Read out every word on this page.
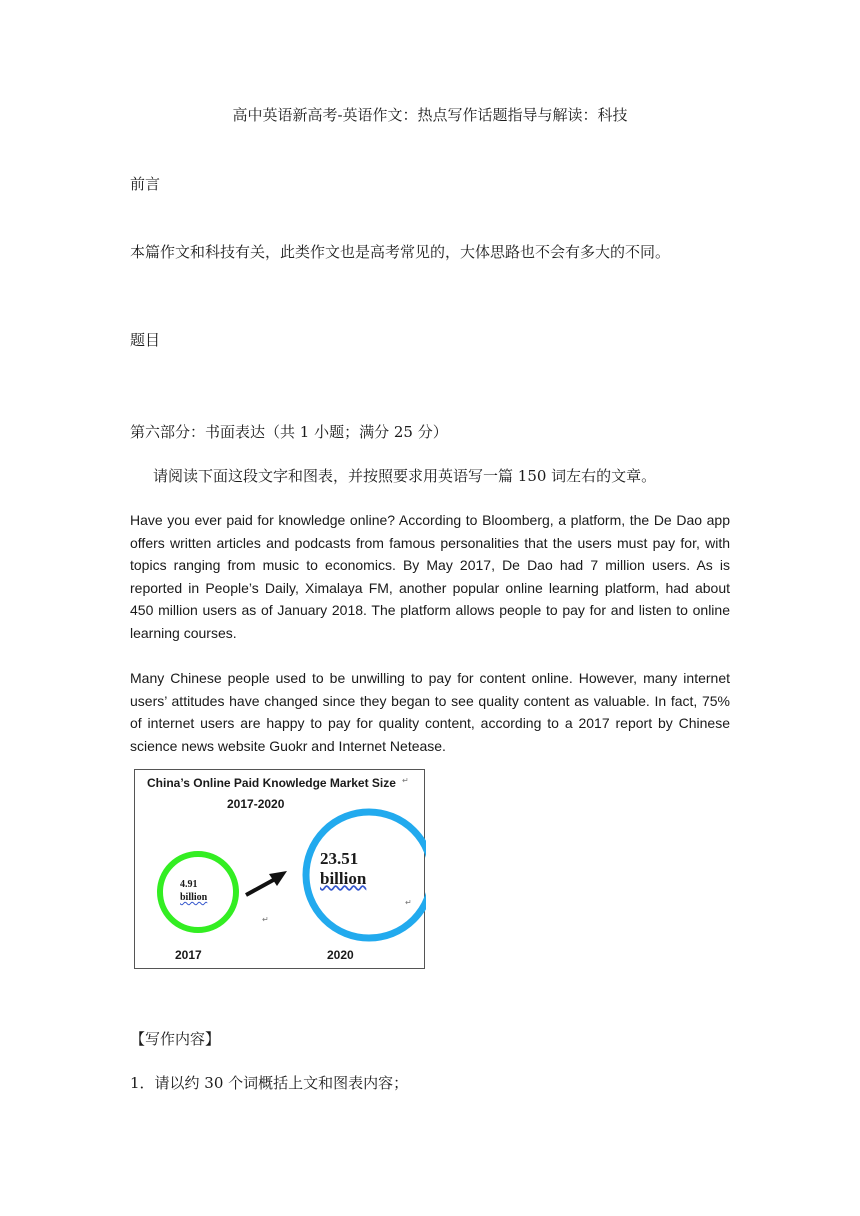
高中英语新高考-英语作文：热点写作话题指导与解读：科技
前言
本篇作文和科技有关，此类作文也是高考常见的，大体思路也不会有多大的不同。
题目
第六部分：书面表达（共 1 小题；满分 25 分）
请阅读下面这段文字和图表，并按照要求用英语写一篇 150 词左右的文章。
Have you ever paid for knowledge online? According to Bloomberg, a platform, the De Dao app offers written articles and podcasts from famous personalities that the users must pay for, with topics ranging from music to economics. By May 2017, De Dao had 7 million users. As is reported in People’s Daily, Ximalaya FM, another popular online learning platform, had about 450 million users as of January 2018. The platform allows people to pay for and listen to online learning courses.
Many Chinese people used to be unwilling to pay for content online. However, many internet users’ attitudes have changed since they began to see quality content as valuable. In fact, 75% of internet users are happy to pay for quality content, according to a 2017 report by Chinese science news website Guokr and Internet Netease.
China’s Online Paid Knowledge Market Size
2017-2020
4.91
billion
23.51
billion
2017	2020
↵
↵
↵
【写作内容】
1．请以约 30 个词概括上文和图表内容；
